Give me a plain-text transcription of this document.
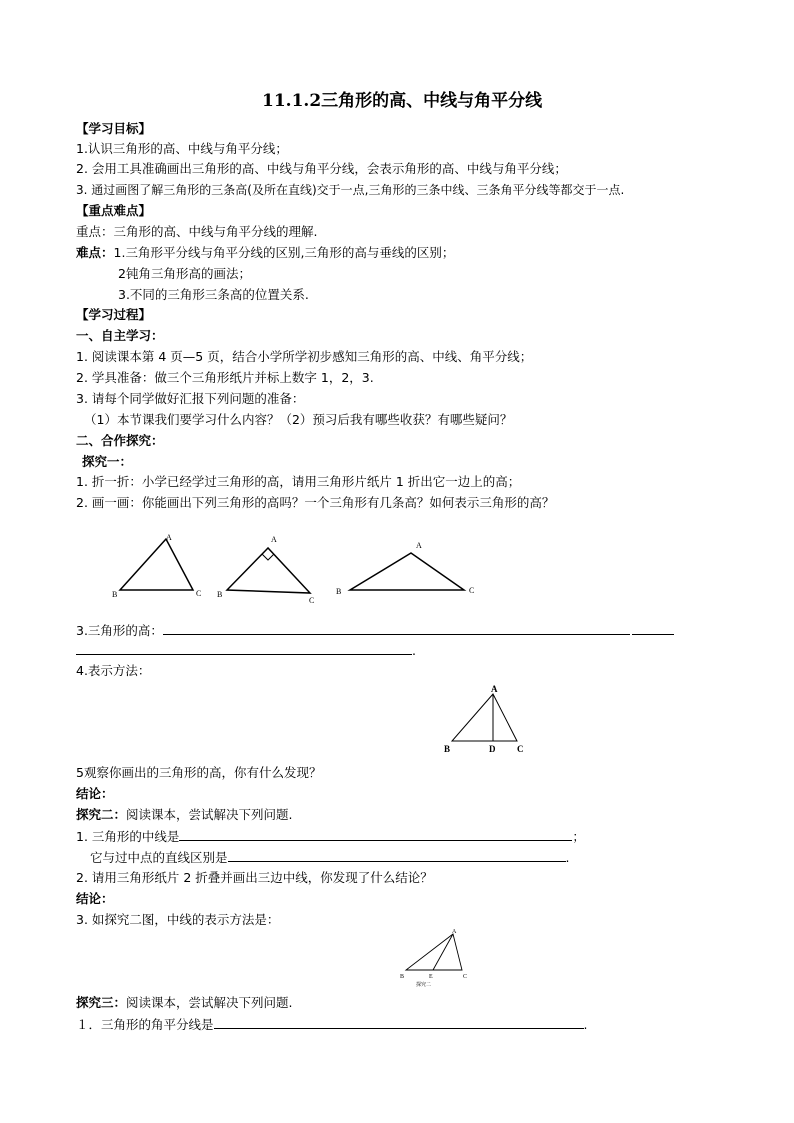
11.1.2三角形的高、中线与角平分线
【学习目标】
1.认识三角形的高、中线与角平分线；
2. 会用工具准确画出三角形的高、中线与角平分线，会表示角形的高、中线与角平分线；
3. 通过画图了解三角形的三条高(及所在直线)交于一点,三角形的三条中线、三条角平分线等都交于一点.
【重点难点】
重点：三角形的高、中线与角平分线的理解.
难点：1.三角形平分线与角平分线的区别,三角形的高与垂线的区别；
2钝角三角形高的画法；
3.不同的三角形三条高的位置关系.
【学习过程】
一、自主学习：
1. 阅读课本第 4 页—5 页，结合小学所学初步感知三角形的高、中线、角平分线；
2. 学具准备：做三个三角形纸片并标上数字 1，2，3.
3. 请每个同学做好汇报下列问题的准备：
（1）本节课我们要学习什么内容？（2）预习后我有哪些收获？有哪些疑问？
二、合作探究：
探究一：
1. 折一折：小学已经学过三角形的高，请用三角形片纸片 1 折出它一边上的高；
2. 画一画：你能画出下列三角形的高吗？一个三角形有几条高？如何表示三角形的高？
A
B	C
A
B
C
A
B	C
3.三角形的高：
.
4.表示方法：
A
B	D C
5观察你画出的三角形的高，你有什么发现？
结论：
探究二：阅读课本，尝试解决下列问题.
1. 三角形的中线是	；
它与过中点的直线区别是	.
2. 请用三角形纸片 2 折叠并画出三边中线，你发现了什么结论？
结论：
3. 如探究二图，中线的表示方法是：
A
B	E	C
探究二
探究三：阅读课本，尝试解决下列问题.
１．三角形的角平分线是	.
